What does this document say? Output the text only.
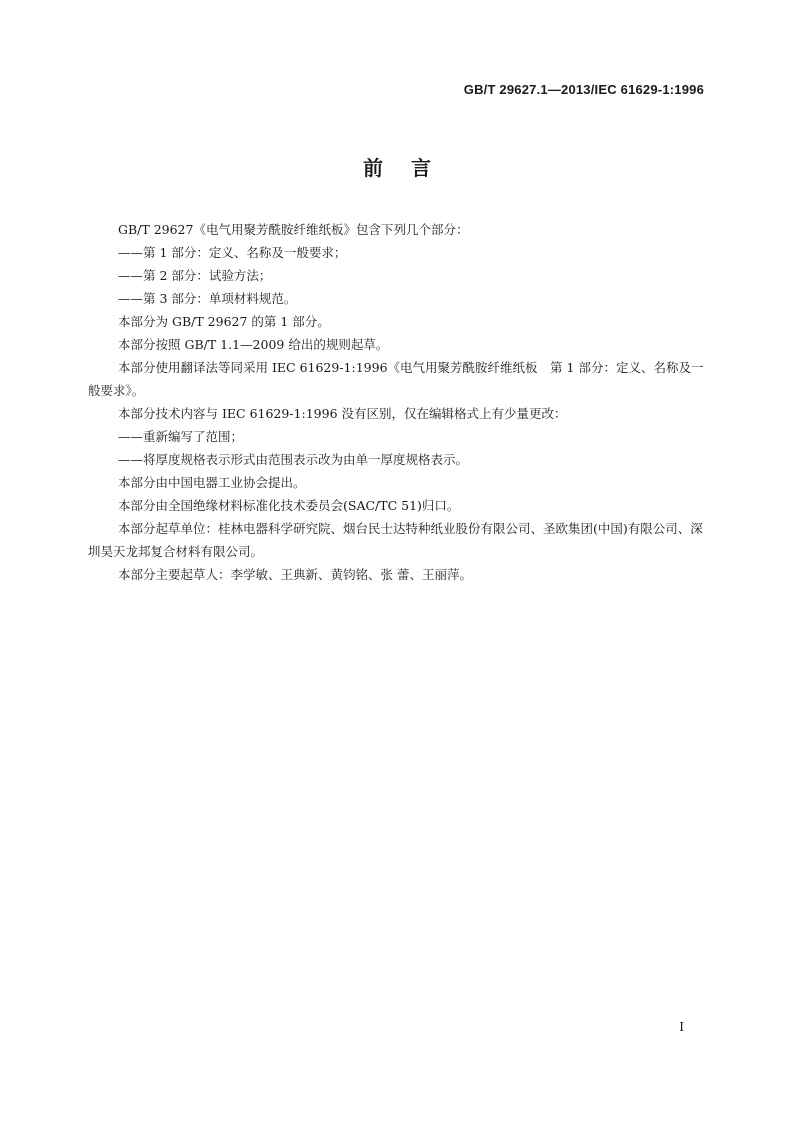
GB/T 29627.1—2013/IEC 61629-1:1996
前言

GB/T 29627《电气用聚芳酰胺纤维纸板》包含下列几个部分：

——第 1 部分：定义、名称及一般要求；

——第 2 部分：试验方法；

——第 3 部分：单项材料规范。

本部分为 GB/T 29627 的第 1 部分。

本部分按照 GB/T 1.1—2009 给出的规则起草。

本部分使用翻译法等同采用 IEC 61629-1:1996《电气用聚芳酰胺纤维纸板　第 1 部分：定义、名称及一般要求》。

本部分技术内容与 IEC 61629-1:1996 没有区别，仅在编辑格式上有少量更改：

——重新编写了范围；

——将厚度规格表示形式由范围表示改为由单一厚度规格表示。

本部分由中国电器工业协会提出。

本部分由全国绝缘材料标准化技术委员会(SAC/TC 51)归口。

本部分起草单位：桂林电器科学研究院、烟台民士达特种纸业股份有限公司、圣欧集团(中国)有限公司、深圳昊天龙邦复合材料有限公司。

本部分主要起草人：李学敏、王典新、黄钧铭、张 蕾、王丽萍。

I
